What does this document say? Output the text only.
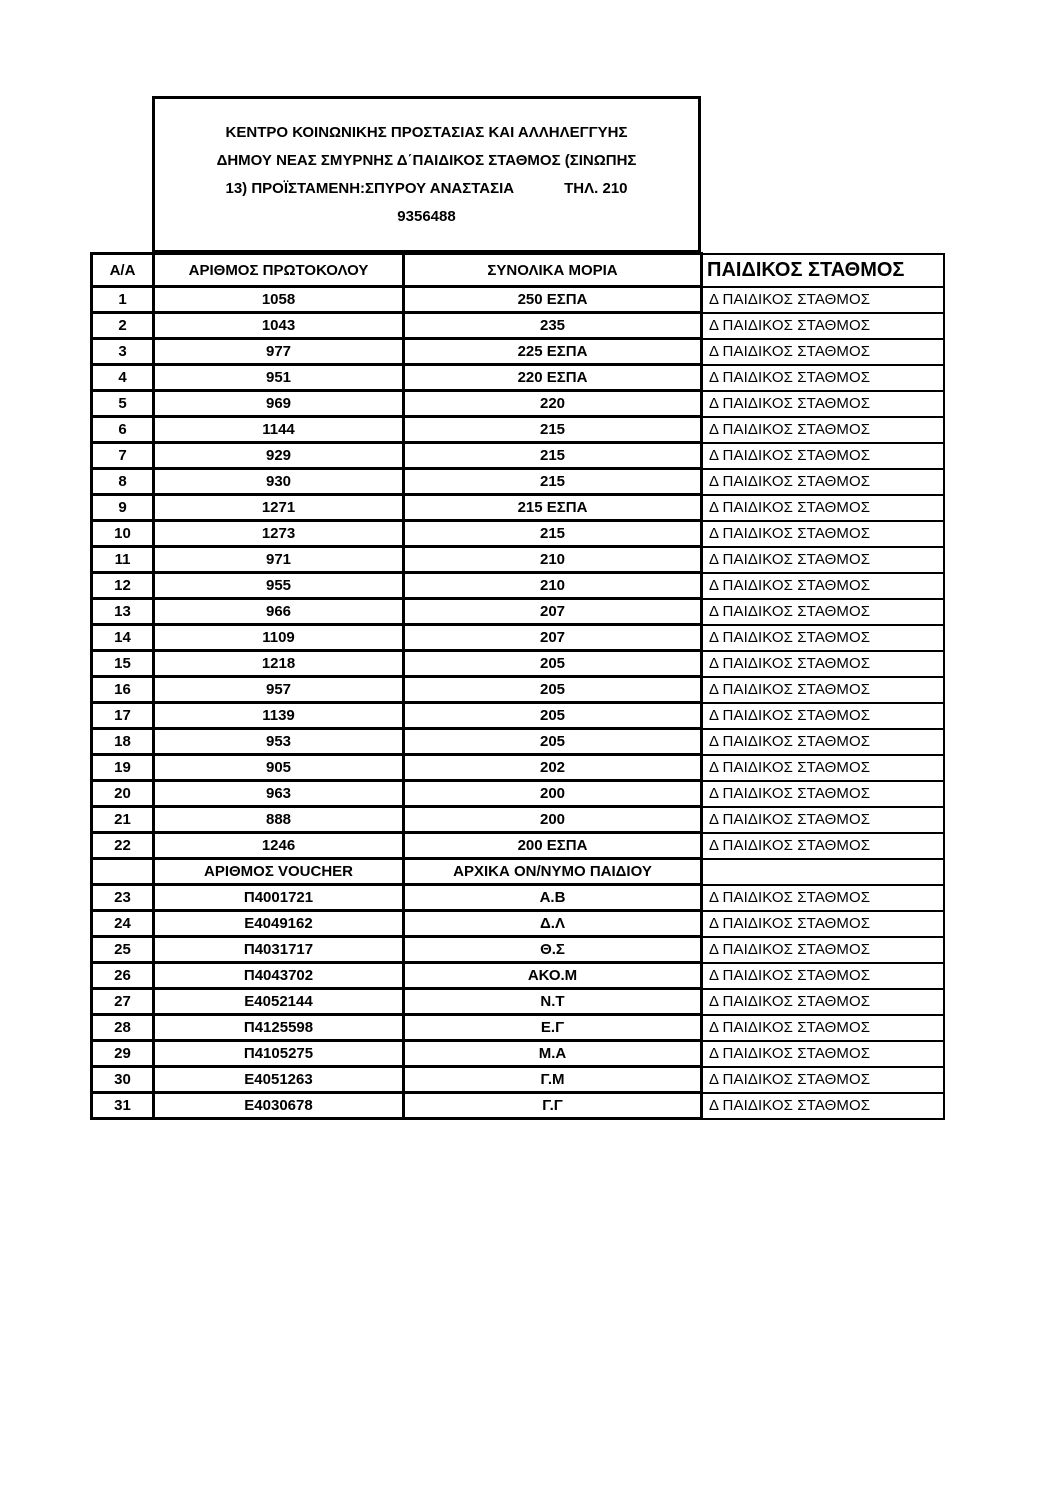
ΚΕΝΤΡΟ ΚΟΙΝΩΝΙΚΗΣ ΠΡΟΣΤΑΣΙΑΣ ΚΑΙ ΑΛΛΗΛΕΓΓΥΗΣ
ΔΗΜΟΥ ΝΕΑΣ ΣΜΥΡΝΗΣ Δ΄ΠΑΙΔΙΚΟΣ ΣΤΑΘΜΟΣ (ΣΙΝΩΠΗΣ
13) ΠΡΟΪΣΤΑΜΕΝΗ:ΣΠΥΡΟΥ ΑΝΑΣΤΑΣΙΑ            ΤΗΛ. 210
9356488
Α/Α	ΑΡΙΘΜΟΣ ΠΡΩΤΟΚΟΛΟΥ	ΣΥΝΟΛΙΚΑ ΜΟΡΙΑ	ΠΑΙΔΙΚΟΣ ΣΤΑΘΜΟΣ
1	1058	250 ΕΣΠΑ	Δ ΠΑΙΔΙΚΟΣ ΣΤΑΘΜΟΣ
2	1043	235	Δ ΠΑΙΔΙΚΟΣ ΣΤΑΘΜΟΣ
3	977	225 ΕΣΠΑ	Δ ΠΑΙΔΙΚΟΣ ΣΤΑΘΜΟΣ
4	951	220 ΕΣΠΑ	Δ ΠΑΙΔΙΚΟΣ ΣΤΑΘΜΟΣ
5	969	220	Δ ΠΑΙΔΙΚΟΣ ΣΤΑΘΜΟΣ
6	1144	215	Δ ΠΑΙΔΙΚΟΣ ΣΤΑΘΜΟΣ
7	929	215	Δ ΠΑΙΔΙΚΟΣ ΣΤΑΘΜΟΣ
8	930	215	Δ ΠΑΙΔΙΚΟΣ ΣΤΑΘΜΟΣ
9	1271	215 ΕΣΠΑ	Δ ΠΑΙΔΙΚΟΣ ΣΤΑΘΜΟΣ
10	1273	215	Δ ΠΑΙΔΙΚΟΣ ΣΤΑΘΜΟΣ
11	971	210	Δ ΠΑΙΔΙΚΟΣ ΣΤΑΘΜΟΣ
12	955	210	Δ ΠΑΙΔΙΚΟΣ ΣΤΑΘΜΟΣ
13	966	207	Δ ΠΑΙΔΙΚΟΣ ΣΤΑΘΜΟΣ
14	1109	207	Δ ΠΑΙΔΙΚΟΣ ΣΤΑΘΜΟΣ
15	1218	205	Δ ΠΑΙΔΙΚΟΣ ΣΤΑΘΜΟΣ
16	957	205	Δ ΠΑΙΔΙΚΟΣ ΣΤΑΘΜΟΣ
17	1139	205	Δ ΠΑΙΔΙΚΟΣ ΣΤΑΘΜΟΣ
18	953	205	Δ ΠΑΙΔΙΚΟΣ ΣΤΑΘΜΟΣ
19	905	202	Δ ΠΑΙΔΙΚΟΣ ΣΤΑΘΜΟΣ
20	963	200	Δ ΠΑΙΔΙΚΟΣ ΣΤΑΘΜΟΣ
21	888	200	Δ ΠΑΙΔΙΚΟΣ ΣΤΑΘΜΟΣ
22	1246	200 ΕΣΠΑ	Δ ΠΑΙΔΙΚΟΣ ΣΤΑΘΜΟΣ
	ΑΡΙΘΜΟΣ VOUCHER	ΑΡΧΙΚΑ ΟΝ/ΝΥΜΟ ΠΑΙΔΙΟΥ	
23	Π4001721	Α.Β	Δ ΠΑΙΔΙΚΟΣ ΣΤΑΘΜΟΣ
24	Ε4049162	Δ.Λ	Δ ΠΑΙΔΙΚΟΣ ΣΤΑΘΜΟΣ
25	Π4031717	Θ.Σ	Δ ΠΑΙΔΙΚΟΣ ΣΤΑΘΜΟΣ
26	Π4043702	ΑΚΟ.Μ	Δ ΠΑΙΔΙΚΟΣ ΣΤΑΘΜΟΣ
27	Ε4052144	Ν.Τ	Δ ΠΑΙΔΙΚΟΣ ΣΤΑΘΜΟΣ
28	Π4125598	Ε.Γ	Δ ΠΑΙΔΙΚΟΣ ΣΤΑΘΜΟΣ
29	Π4105275	Μ.Α	Δ ΠΑΙΔΙΚΟΣ ΣΤΑΘΜΟΣ
30	Ε4051263	Γ.Μ	Δ ΠΑΙΔΙΚΟΣ ΣΤΑΘΜΟΣ
31	Ε4030678	Γ.Γ	Δ ΠΑΙΔΙΚΟΣ ΣΤΑΘΜΟΣ
